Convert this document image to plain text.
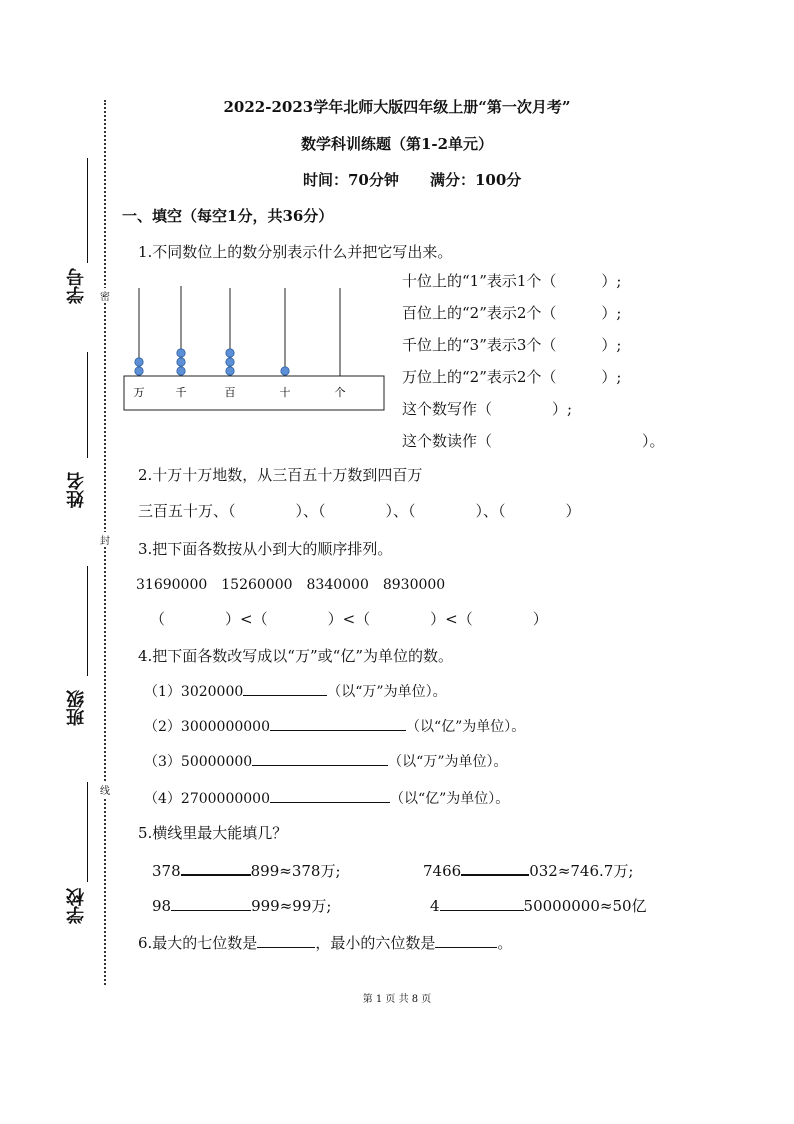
密
封
线
学号
姓名
班级
学校
2022-2023学年北师大版四年级上册“第一次月考”
数学科训练题（第1-2单元）
时间：70分钟 满分：100分
一、填空（每空1分，共36分）
1.不同数位上的数分别表示什么并把它写出来。
万	千	百	十	个
十位上的“1”表示1个（　　　）;
百位上的“2”表示2个（　　　）;
千位上的“3”表示3个（　　　）;
万位上的“2”表示2个（　　　）;
这个数写作（　　　　）;
这个数读作（　　　　　　　　　　）。
2.十万十万地数，从三百五十万数到四百万
三百五十万、（　　　　）、（　　　　）、（　　　　）、（　　　　）
3.把下面各数按从小到大的顺序排列。
31690000　15260000　8340000　8930000
（　　　　）<（　　　　）<（　　　　）<（　　　　）
4.把下面各数改写成以“万”或“亿”为单位的数。
（1）3020000	（以“万”为单位）。
（2）3000000000	（以“亿”为单位）。
（3）50000000	（以“万”为单位）。
（4）2700000000	（以“亿”为单位）。
5.横线里最大能填几？
378	899≈378万;	7466	032≈746.7万;
98	999≈99万;	4	50000000≈50亿
6.最大的七位数是	，最小的六位数是	。
第 1 页 共 8 页
